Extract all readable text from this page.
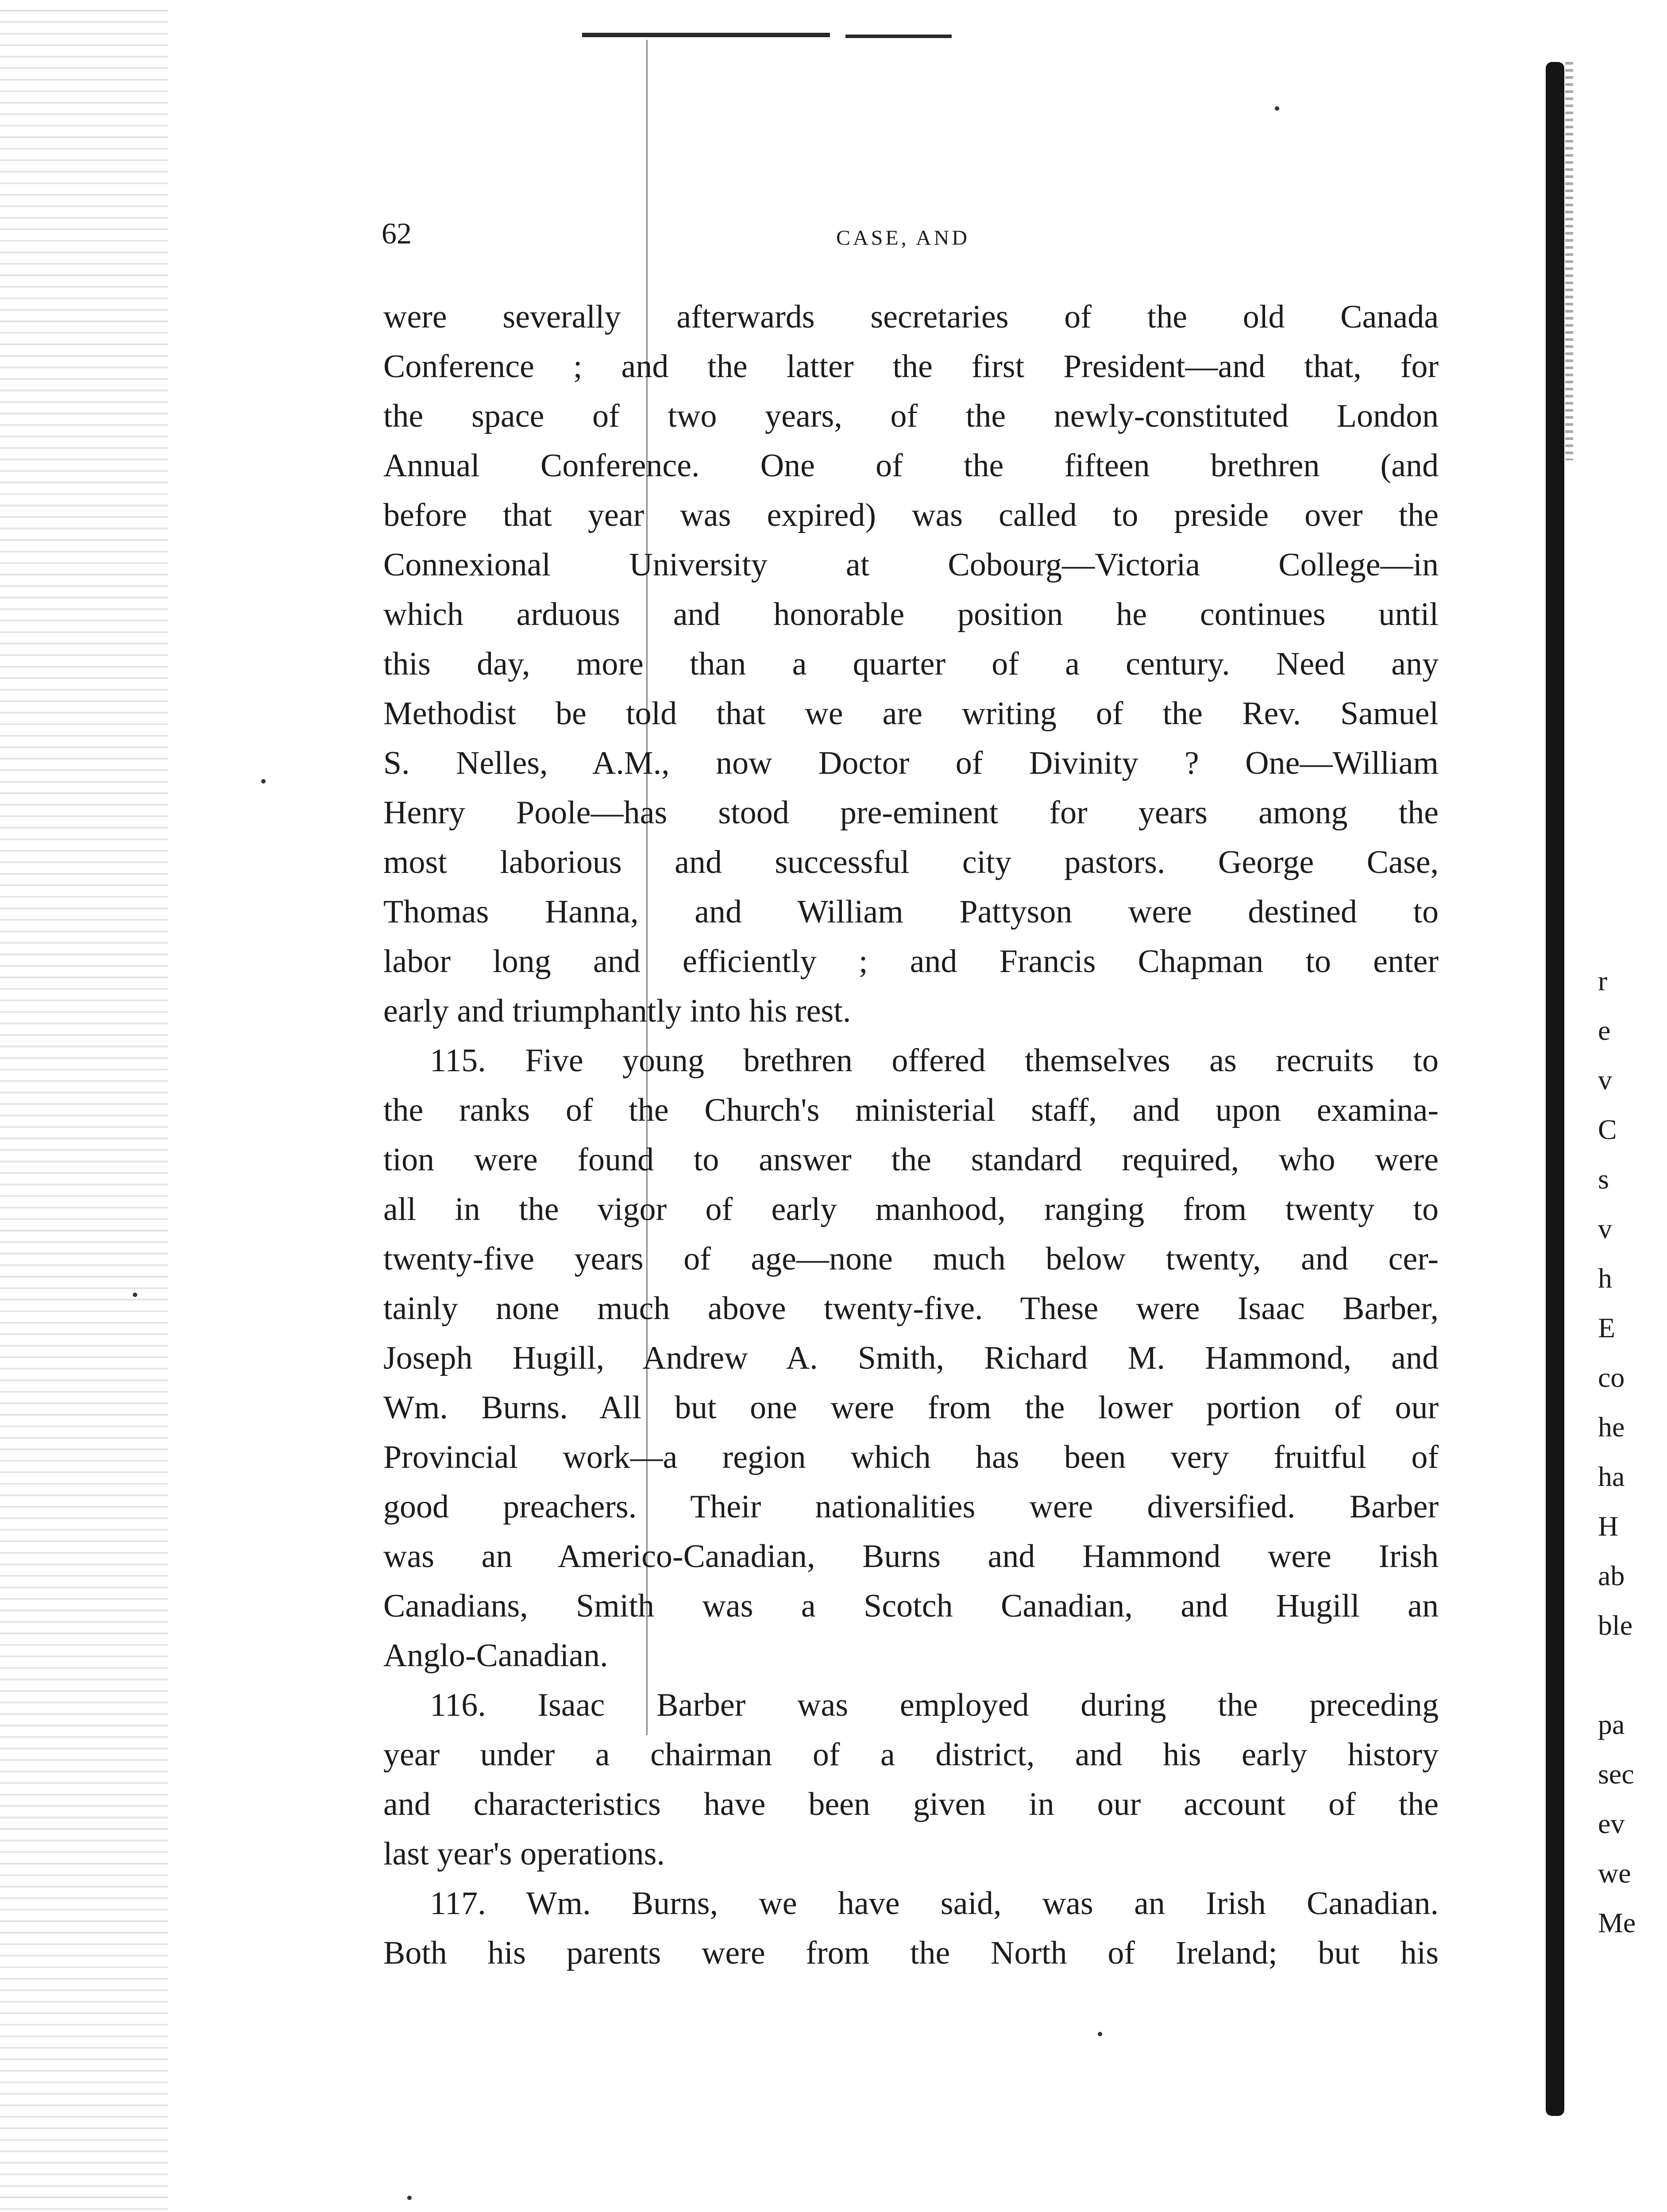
62	CASE, AND
were severally afterwards secretaries of the old Canada
Conference ; and the latter the first President—and that, for
the space of two years, of the newly-constituted London
Annual Conference. One of the fifteen brethren (and
before that year was expired) was called to preside over the
Connexional University at Cobourg—Victoria College—in
which arduous and honorable position he continues until
this day, more than a quarter of a century. Need any
Methodist be told that we are writing of the Rev. Samuel
S. Nelles, A.M., now Doctor of Divinity ? One—William
Henry Poole—has stood pre-eminent for years among the
most laborious and successful city pastors. George Case,
Thomas Hanna, and William Pattyson were destined to
labor long and efficiently ; and Francis Chapman to enter
early and triumphantly into his rest.
115. Five young brethren offered themselves as recruits to
the ranks of the Church's ministerial staff, and upon examina-
tion were found to answer the standard required, who were
all in the vigor of early manhood, ranging from twenty to
twenty-five years of age—none much below twenty, and cer-
tainly none much above twenty-five. These were Isaac Barber,
Joseph Hugill, Andrew A. Smith, Richard M. Hammond, and
Wm. Burns. All but one were from the lower portion of our
Provincial work—a region which has been very fruitful of
good preachers. Their nationalities were diversified. Barber
was an Americo-Canadian, Burns and Hammond were Irish
Canadians, Smith was a Scotch Canadian, and Hugill an
Anglo-Canadian.
116. Isaac Barber was employed during the preceding
year under a chairman of a district, and his early history
and characteristics have been given in our account of the
last year's operations.
117. Wm. Burns, we have said, was an Irish Canadian.
Both his parents were from the North of Ireland; but his
r
e
v
C
s
v
h
E
co
he
ha
H
ab
ble
pa
sec
ev
we
Me
